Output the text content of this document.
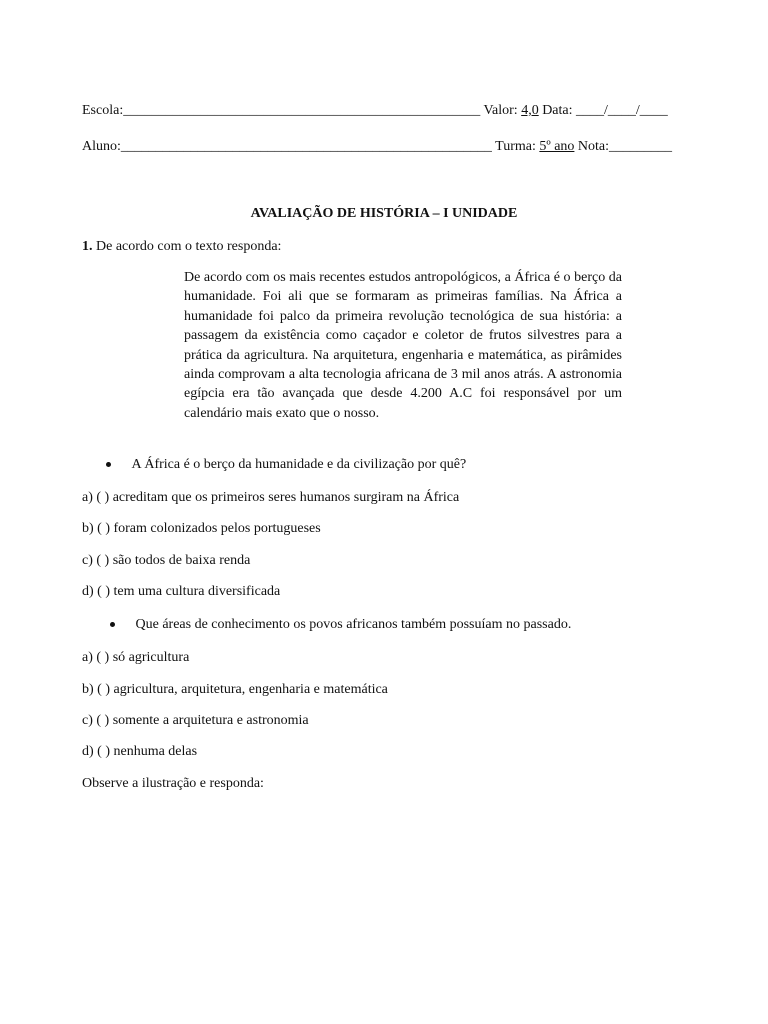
Escola:___________________________________________________ Valor: 4,0 Data: ____/____/____
Aluno:_____________________________________________________ Turma: 5º ano Nota:_________
AVALIAÇÃO DE HISTÓRIA – I UNIDADE
1. De acordo com o texto responda:
De acordo com os mais recentes estudos antropológicos, a África é o berço da humanidade. Foi ali que se formaram as primeiras famílias. Na África a humanidade foi palco da primeira revolução tecnológica de sua história: a passagem da existência como caçador e coletor de frutos silvestres para a prática da agricultura. Na arquitetura, engenharia e matemática, as pirâmides ainda comprovam a alta tecnologia africana de 3 mil anos atrás. A astronomia egípcia era tão avançada que desde 4.200 A.C foi responsável por um calendário mais exato que o nosso.
A África é o berço da humanidade e da civilização por quê?
a) ( ) acreditam que os primeiros seres humanos surgiram na África
b) ( ) foram colonizados pelos portugueses
c) ( ) são todos de baixa renda
d) ( ) tem uma cultura diversificada
Que áreas de conhecimento os povos africanos também possuíam no passado.
a) ( ) só agricultura
b) ( ) agricultura, arquitetura, engenharia e matemática
c) ( ) somente a arquitetura e astronomia
d) ( ) nenhuma delas
Observe a ilustração e responda:
